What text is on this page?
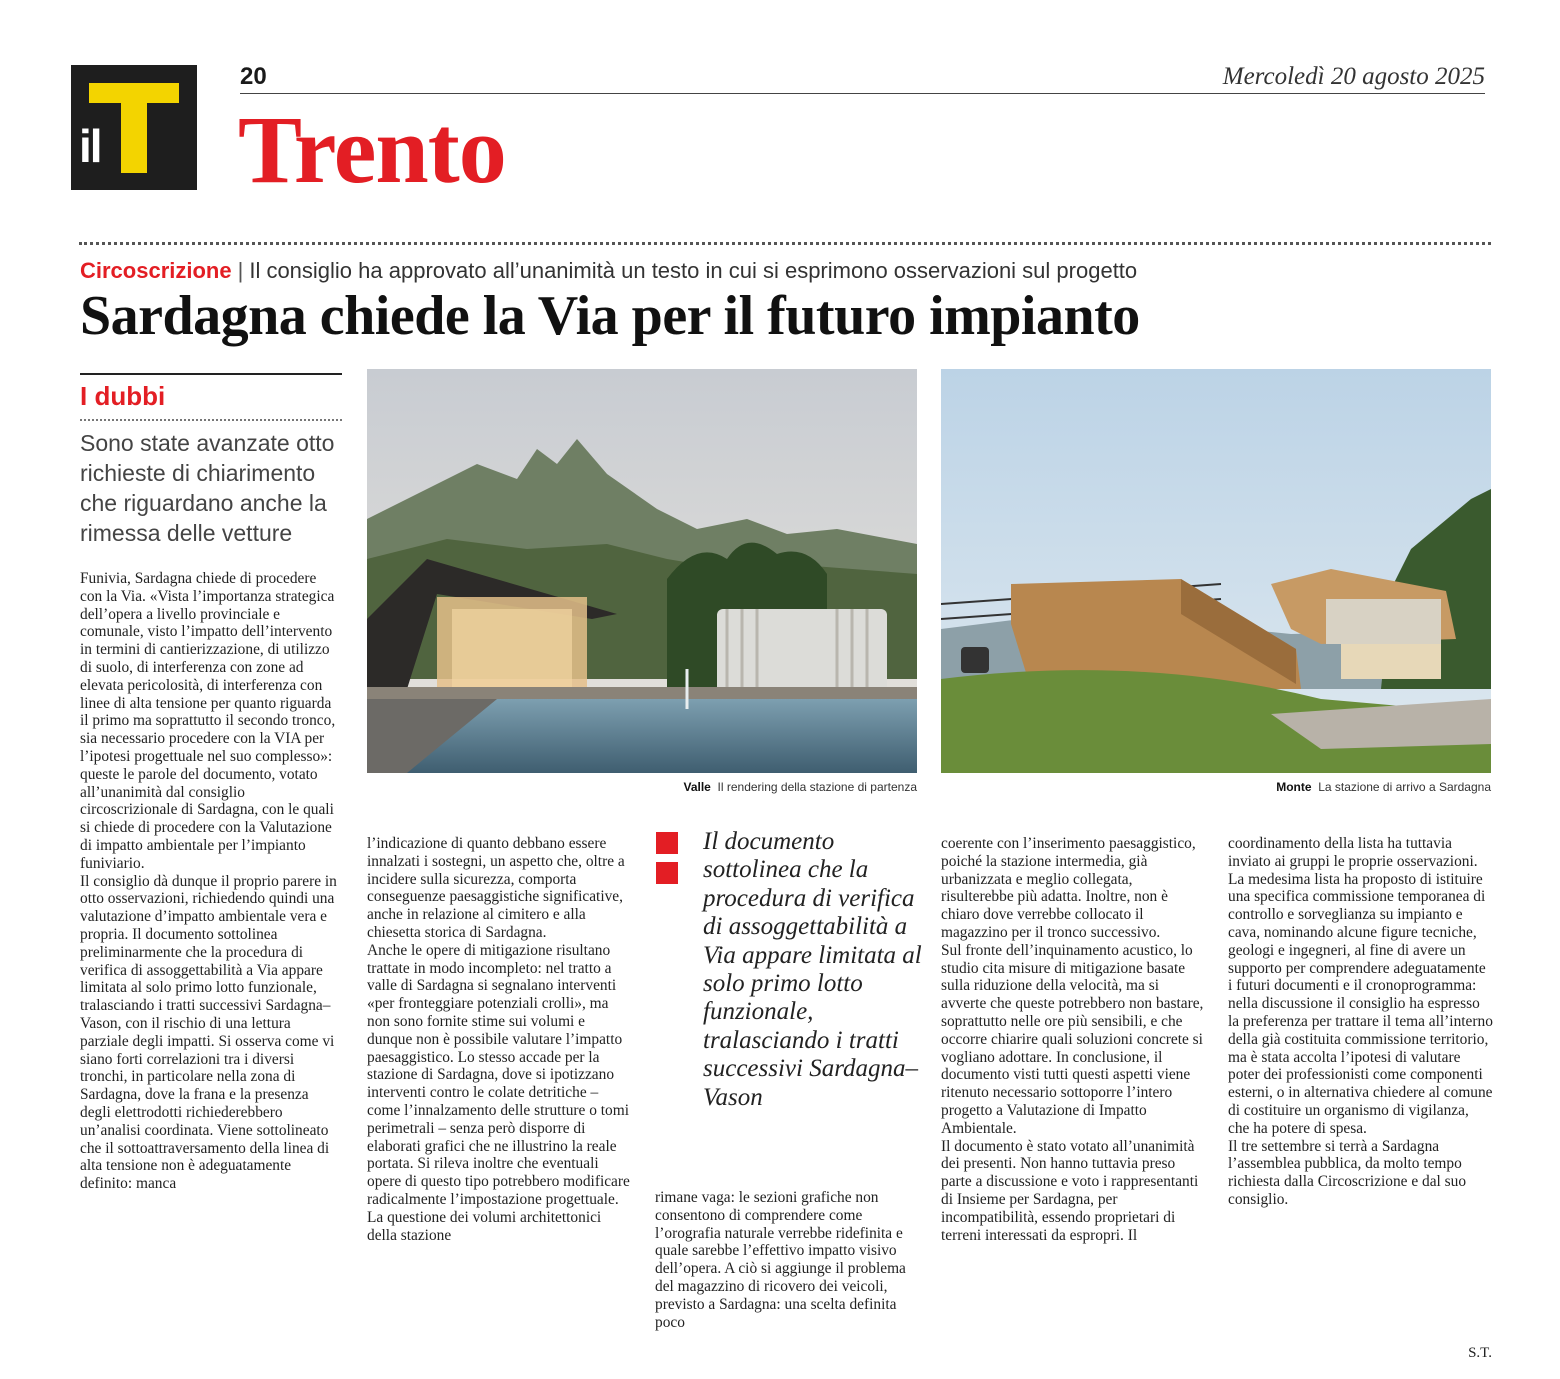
il
20	Mercoledì 20 agosto 2025
Trento
Circoscrizione | Il consiglio ha approvato all’unanimità un testo in cui si esprimono osservazioni sul progetto
Sardagna chiede la Via per il futuro impianto
I dubbi
Sono state avanzate otto richieste di chiarimento che riguardano anche la rimessa delle vetture
Funivia, Sardagna chiede di procedere con la Via. «Vista l’importanza strategica dell’opera a livello provinciale e comunale, visto l’impatto dell’intervento in termini di cantierizzazione, di utilizzo di suolo, di interferenza con zone ad elevata pericolosità, di interferenza con linee di alta tensione per quanto riguarda il primo ma soprattutto il secondo tronco, sia necessario procedere con la VIA per l’ipotesi progettuale nel suo complesso»: queste le parole del documento, votato all’unanimità dal consiglio circoscrizionale di Sardagna, con le quali si chiede di procedere con la Valutazione di impatto ambientale per l’impianto funiviario.
Il consiglio dà dunque il proprio parere in otto osservazioni, richiedendo quindi una valutazione d’impatto ambientale vera e propria. Il documento sottolinea preliminarmente che la procedura di verifica di assoggettabilità a Via appare limitata al solo primo lotto funzionale, tralasciando i tratti successivi Sardagna–Vason, con il rischio di una lettura parziale degli impatti. Si osserva come vi siano forti correlazioni tra i diversi tronchi, in particolare nella zona di Sardagna, dove la frana e la presenza degli elettrodotti richiederebbero un’analisi coordinata. Viene sottolineato che il sottoattraversamento della linea di alta tensione non è adeguatamente definito: manca
Valle Il rendering della stazione di partenza	Monte La stazione di arrivo a Sardagna
l’indicazione di quanto debbano essere innalzati i sostegni, un aspetto che, oltre a incidere sulla sicurezza, comporta conseguenze paesaggistiche significative, anche in relazione al cimitero e alla chiesetta storica di Sardagna.
Anche le opere di mitigazione risultano trattate in modo incompleto: nel tratto a valle di Sardagna si segnalano interventi «per fronteggiare potenziali crolli», ma non sono fornite stime sui volumi e dunque non è possibile valutare l’impatto paesaggistico. Lo stesso accade per la stazione di Sardagna, dove si ipotizzano interventi contro le colate detritiche – come l’innalzamento delle strutture o tomi perimetrali – senza però disporre di elaborati grafici che ne illustrino la reale portata. Si rileva inoltre che eventuali opere di questo tipo potrebbero modificare radicalmente l’impostazione progettuale.
La questione dei volumi architettonici della stazione
Il documento sottolinea che la procedura di verifica di assoggettabilità a Via appare limitata al solo primo lotto funzionale, tralasciando i tratti successivi Sardagna–Vason
rimane vaga: le sezioni grafiche non consentono di comprendere come l’orografia naturale verrebbe ridefinita e quale sarebbe l’effettivo impatto visivo dell’opera. A ciò si aggiunge il problema del magazzino di ricovero dei veicoli, previsto a Sardagna: una scelta definita poco
coerente con l’inserimento paesaggistico, poiché la stazione intermedia, già urbanizzata e meglio collegata, risulterebbe più adatta. Inoltre, non è chiaro dove verrebbe collocato il magazzino per il tronco successivo.
Sul fronte dell’inquinamento acustico, lo studio cita misure di mitigazione basate sulla riduzione della velocità, ma si avverte che queste potrebbero non bastare, soprattutto nelle ore più sensibili, e che occorre chiarire quali soluzioni concrete si vogliano adottare. In conclusione, il documento visti tutti questi aspetti viene ritenuto necessario sottoporre l’intero progetto a Valutazione di Impatto Ambientale.
Il documento è stato votato all’unanimità dei presenti. Non hanno tuttavia preso parte a discussione e voto i rappresentanti di Insieme per Sardagna, per incompatibilità, essendo proprietari di terreni interessati da espropri. Il
coordinamento della lista ha tuttavia inviato ai gruppi le proprie osservazioni.
La medesima lista ha proposto di istituire una specifica commissione temporanea di controllo e sorveglianza su impianto e cava, nominando alcune figure tecniche, geologi e ingegneri, al fine di avere un supporto per comprendere adeguatamente i futuri documenti e il cronoprogramma: nella discussione il consiglio ha espresso la preferenza per trattare il tema all’interno della già costituita commissione territorio, ma è stata accolta l’ipotesi di valutare poter dei professionisti come componenti esterni, o in alternativa chiedere al comune di costituire un organismo di vigilanza, che ha potere di spesa.
Il tre settembre si terrà a Sardagna l’assemblea pubblica, da molto tempo richiesta dalla Circoscrizione e dal suo consiglio.
S.T.
